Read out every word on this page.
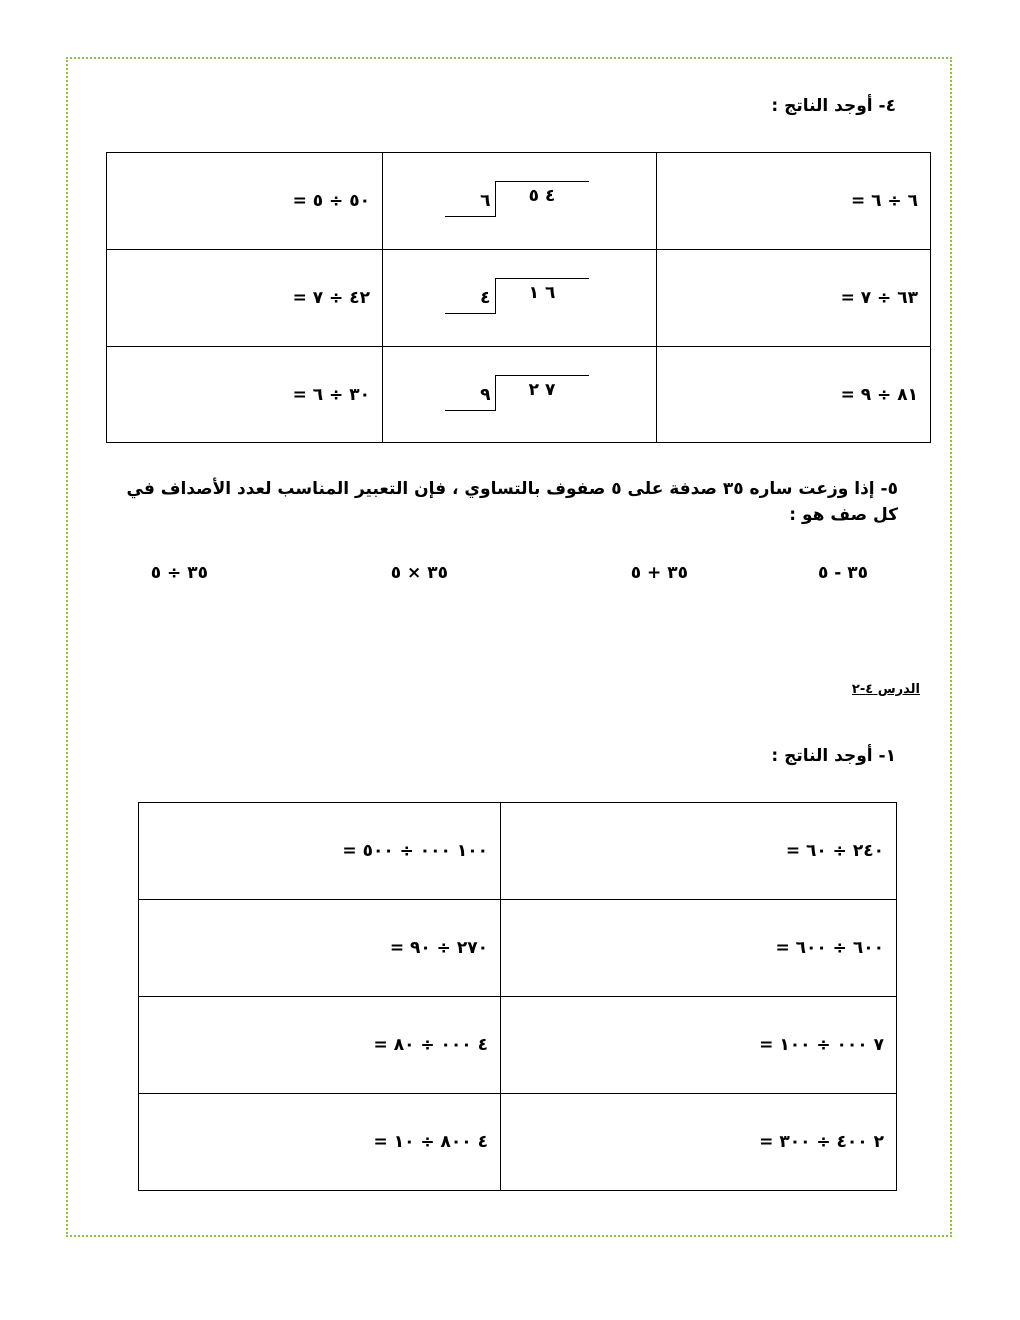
٤- أوجد الناتج :
٦ ÷ ٦ =	٦ ٤ ٥	٥٠ ÷ ٥ =
٦٣ ÷ ٧ =	٤ ٦ ١	٤٢ ÷ ٧ =
٨١ ÷ ٩ =	٩ ٧ ٢	٣٠ ÷ ٦ =
٥- إذا وزعت ساره ٣٥ صدفة على ٥ صفوف بالتساوي ، فإن التعبير المناسب لعدد الأصداف في كل صف هو :
٣٥ - ٥
٣٥ + ٥
٣٥ × ٥
٣٥ ÷ ٥
الدرس ٤-٢
١- أوجد الناتج :
٢٤٠ ÷ ٦٠ =	١٠٠ ٠٠٠ ÷ ٥٠٠ =
٦٠٠ ÷ ٦٠٠ =	٢٧٠ ÷ ٩٠ =
٧ ٠٠٠ ÷ ١٠٠ =	٤ ٠٠٠ ÷ ٨٠ =
٢ ٤٠٠ ÷ ٣٠٠ =	٤ ٨٠٠ ÷ ١٠ =
